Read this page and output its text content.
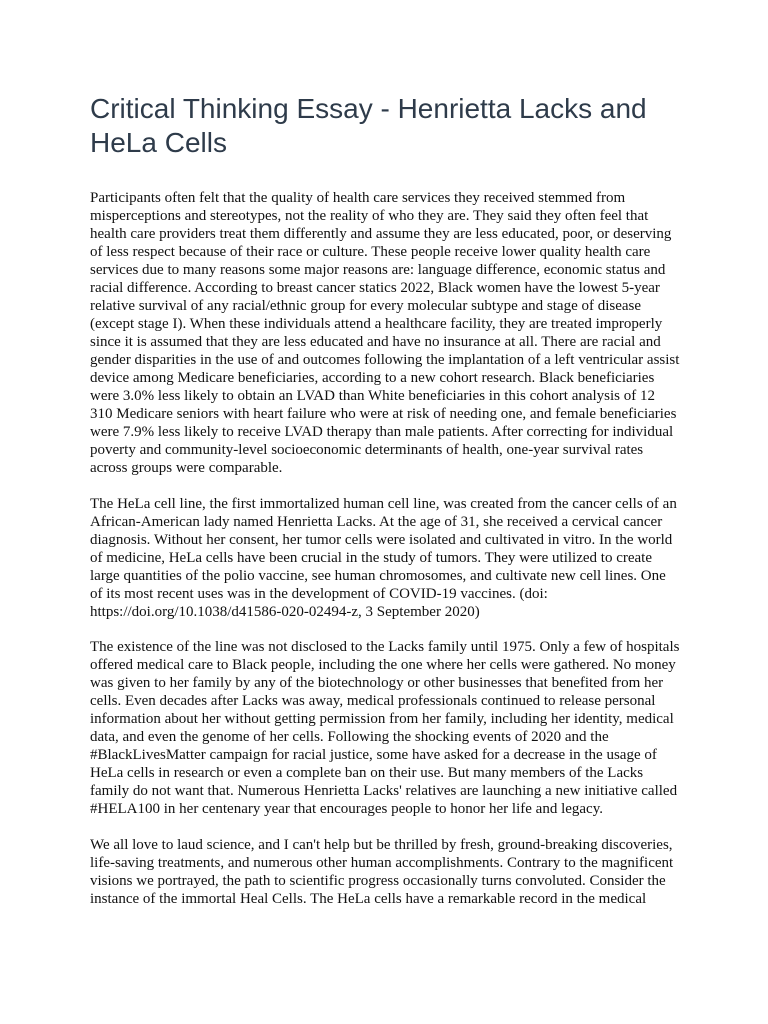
Critical Thinking Essay - Henrietta Lacks and HeLa Cells

Participants often felt that the quality of health care services they received stemmed from misperceptions and stereotypes, not the reality of who they are. They said they often feel that health care providers treat them differently and assume they are less educated, poor, or deserving of less respect because of their race or culture. These people receive lower quality health care services due to many reasons some major reasons are: language difference, economic status and racial difference. According to breast cancer statics 2022, Black women have the lowest 5-year relative survival of any racial/ethnic group for every molecular subtype and stage of disease (except stage I). When these individuals attend a healthcare facility, they are treated improperly since it is assumed that they are less educated and have no insurance at all. There are racial and gender disparities in the use of and outcomes following the implantation of a left ventricular assist device among Medicare beneficiaries, according to a new cohort research. Black beneficiaries were 3.0% less likely to obtain an LVAD than White beneficiaries in this cohort analysis of 12 310 Medicare seniors with heart failure who were at risk of needing one, and female beneficiaries were 7.9% less likely to receive LVAD therapy than male patients. After correcting for individual poverty and community-level socioeconomic determinants of health, one-year survival rates across groups were comparable.

The HeLa cell line, the first immortalized human cell line, was created from the cancer cells of an African-American lady named Henrietta Lacks. At the age of 31, she received a cervical cancer diagnosis. Without her consent, her tumor cells were isolated and cultivated in vitro. In the world of medicine, HeLa cells have been crucial in the study of tumors. They were utilized to create large quantities of the polio vaccine, see human chromosomes, and cultivate new cell lines. One of its most recent uses was in the development of COVID-19 vaccines. (doi: https://doi.org/10.1038/d41586-020-02494-z, 3 September 2020)

The existence of the line was not disclosed to the Lacks family until 1975. Only a few of hospitals offered medical care to Black people, including the one where her cells were gathered. No money was given to her family by any of the biotechnology or other businesses that benefited from her cells. Even decades after Lacks was away, medical professionals continued to release personal information about her without getting permission from her family, including her identity, medical data, and even the genome of her cells. Following the shocking events of 2020 and the #BlackLivesMatter campaign for racial justice, some have asked for a decrease in the usage of HeLa cells in research or even a complete ban on their use. But many members of the Lacks family do not want that. Numerous Henrietta Lacks' relatives are launching a new initiative called #HELA100 in her centenary year that encourages people to honor her life and legacy.

We all love to laud science, and I can't help but be thrilled by fresh, ground-breaking discoveries, life-saving treatments, and numerous other human accomplishments. Contrary to the magnificent visions we portrayed, the path to scientific progress occasionally turns convoluted. Consider the instance of the immortal Heal Cells. The HeLa cells have a remarkable record in the medical
